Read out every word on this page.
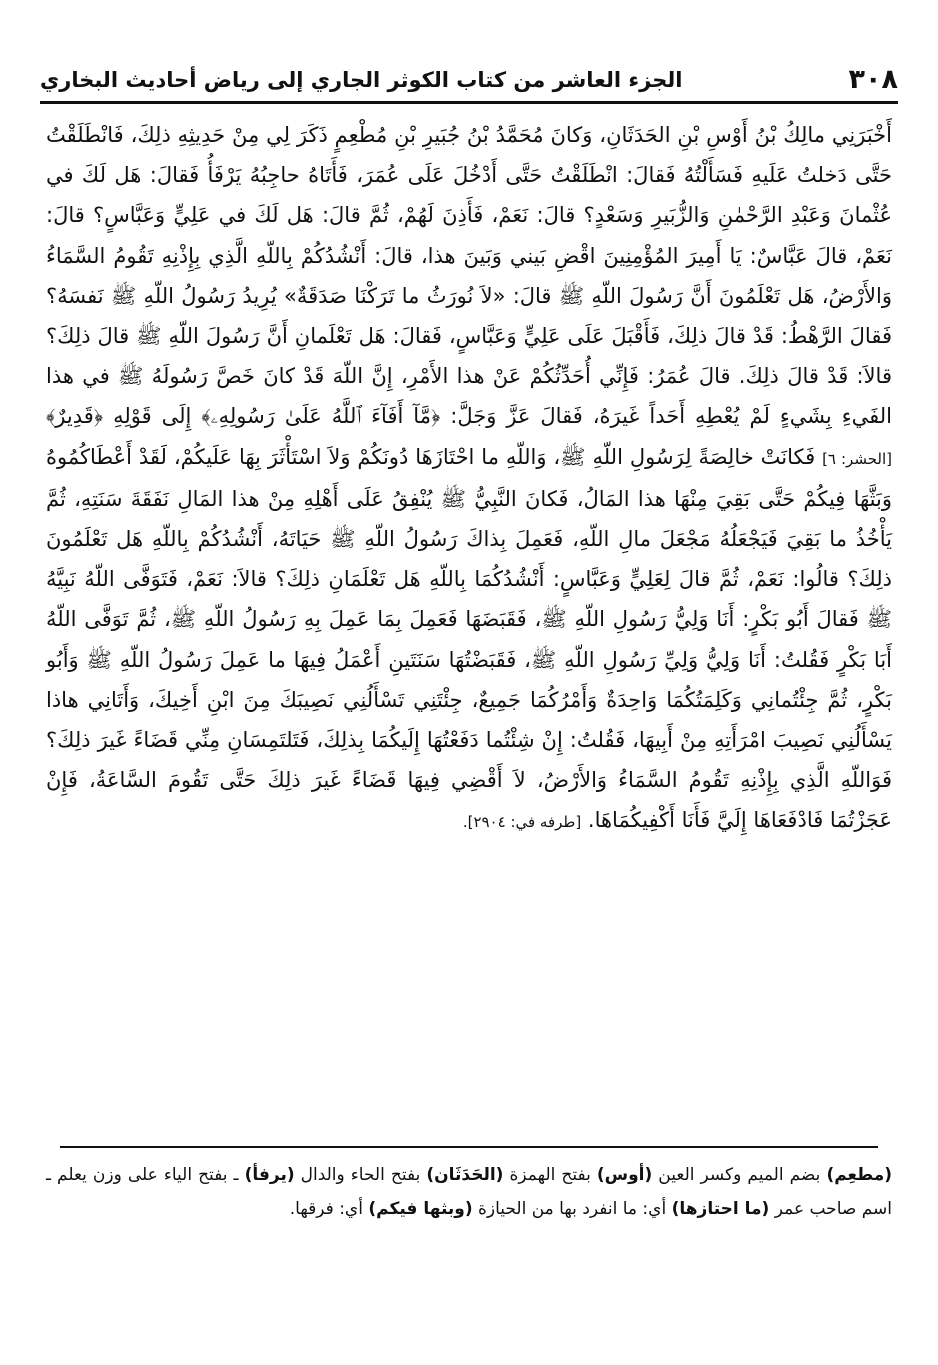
٣٠٨
الجزء العاشر من كتاب الكوثر الجاري إلى رياض أحاديث البخاري

أَخْبَرَنِي مالِكُ بْنُ أَوْسِ بْنِ الحَدَثَانِ، وَكانَ مُحَمَّدُ بْنُ جُبَيرِ بْنِ مُطْعِمٍ ذَكَرَ لِي مِنْ حَدِيثِهِ ذلِكَ، فَانْطَلَقْتُ حَتَّى دَخلتُ عَلَيهِ فَسَأَلْتُهُ فَقالَ: انْطَلَقْتُ حَتَّى أَدْخُلَ عَلَى عُمَرَ، فَأَتَاهُ حاجِبُهُ يَرْفَأُ فَقالَ: هَل لَكَ في عُثْمانَ وَعَبْدِ الرَّحْمٰنِ وَالزُّبَيرِ وَسَعْدٍ؟ قالَ: نَعَمْ، فَأَذِنَ لَهُمْ، ثُمَّ قالَ: هَل لَكَ في عَلِيٍّ وَعَبَّاسٍ؟ قالَ: نَعَمْ، قالَ عَبَّاسٌ: يَا أَمِيرَ المُؤْمِنِينَ اقْضِ بَيني وَبَينَ هذا، قالَ: أَنْشُدُكُمْ بِاللّهِ الَّذِي بِإِذْنِهِ تَقُومُ السَّمَاءُ وَالأَرْضُ، هَل تَعْلَمُونَ أَنَّ رَسُولَ اللّهِ ﷺ قالَ: «لاَ نُورَثُ ما تَرَكْنَا صَدَقَةٌ» يُرِيدُ رَسُولُ اللّهِ ﷺ نَفسَهُ؟ فَقالَ الرَّهْطُ: قَدْ قالَ ذلِكَ، فَأَقْبَلَ عَلَى عَلِيٍّ وَعَبَّاسٍ، فَقالَ: هَل تَعْلَمانِ أَنَّ رَسُولَ اللّهِ ﷺ قالَ ذلِكَ؟ قالاَ: قَدْ قالَ ذلِكَ. قالَ عُمَرُ: فَإِنِّي أُحَدِّثُكُمْ عَنْ هذا الأَمْرِ، إِنَّ اللّهَ قَدْ كانَ خَصَّ رَسُولَهُ ﷺ في هذا الفَيءِ بِشَيءٍ لَمْ يُعْطِهِ أَحَداً غَيرَهُ، فَقالَ عَزَّ وَجَلَّ: ﴿مَّآ أَفَآءَ ٱللَّهُ عَلَىٰ رَسُولِهِۦ﴾ إِلَى قَوْلِهِ ﴿قَدِيرٌ﴾ [الحشر: ٦] فَكانَتْ خالِصَةً لِرَسُولِ اللّهِ ﷺ، وَاللّهِ ما احْتَازَهَا دُونَكُمْ وَلاَ اسْتَأْثَرَ بِهَا عَلَيكُمْ، لَقَدْ أَعْطَاكُمُوهُ وَبَثَّهَا فِيكُمْ حَتَّى بَقِيَ مِنْهَا هذا المَالُ، فَكانَ النَّبِيُّ ﷺ يُنْفِقُ عَلَى أَهْلِهِ مِنْ هذا المَالِ نَفَقَةَ سَنَتِهِ، ثُمَّ يَأْخُذُ ما بَقِيَ فَيَجْعَلُهُ مَجْعَلَ مالِ اللّهِ، فَعَمِلَ بِذاكَ رَسُولُ اللّهِ ﷺ حَيَاتَهُ، أَنْشُدُكُمْ بِاللّهِ هَل تَعْلَمُونَ ذلِكَ؟ قالُوا: نَعَمْ، ثُمَّ قالَ لِعَلِيٍّ وَعَبَّاسٍ: أَنْشُدُكُمَا بِاللّهِ هَل تَعْلَمَانِ ذلِكَ؟ قالاَ: نَعَمْ، فَتَوَفَّى اللّهُ نَبِيَّهُ ﷺ فَقالَ أَبُو بَكْرٍ: أَنَا وَلِيُّ رَسُولِ اللّهِ ﷺ، فَقَبَضَهَا فَعَمِلَ بِمَا عَمِلَ بِهِ رَسُولُ اللّهِ ﷺ، ثُمَّ تَوَفَّى اللّهُ أَبَا بَكْرٍ فَقُلتُ: أَنَا وَلِيُّ وَلِيِّ رَسُولِ اللّهِ ﷺ، فَقَبَضْتُهَا سَنَتَينِ أَعْمَلُ فِيهَا ما عَمِلَ رَسُولُ اللّهِ ﷺ وَأَبُو بَكْرٍ، ثُمَّ جِئْتُمانِي وَكَلِمَتُكُمَا وَاحِدَةٌ وَأَمْرُكُمَا جَمِيعٌ، جِئْتَنِي تَسْأَلُنِي نَصِيبَكَ مِنَ ابْنِ أَخِيكَ، وَأَتَانِي هاذا يَسْأَلُنِي نَصِيبَ امْرَأَتِهِ مِنْ أَبِيهَا، فَقُلتُ: إِنْ شِئْتُما دَفَعْتُهَا إِلَيكُمَا بِذلِكَ، فَتَلتَمِسَانِ مِنِّي قَضَاءً غَيرَ ذلِكَ؟ فَوَاللّهِ الَّذِي بِإِذْنِهِ تَقُومُ السَّمَاءُ وَالأَرْضُ، لاَ أَقْضِي فِيهَا قَضَاءً غَيرَ ذلِكَ حَتَّى تَقُومَ السَّاعَةُ، فَإِنْ عَجَزْتُمَا فَادْفَعَاهَا إِلَيَّ فَأَنَا أَكْفِيكُمَاهَا. [طرفه في: ٢٩٠٤].

(مطعِم) بضم الميم وكسر العين (أوس) بفتح الهمزة (الحَدَثَان) بفتح الحاء والدال (يرفأ) ـ بفتح الياء على وزن يعلم ـ اسم صاحب عمر (ما احتازها) أي: ما انفرد بها من الحيازة (وبثها فيكم) أي: فرقها.
